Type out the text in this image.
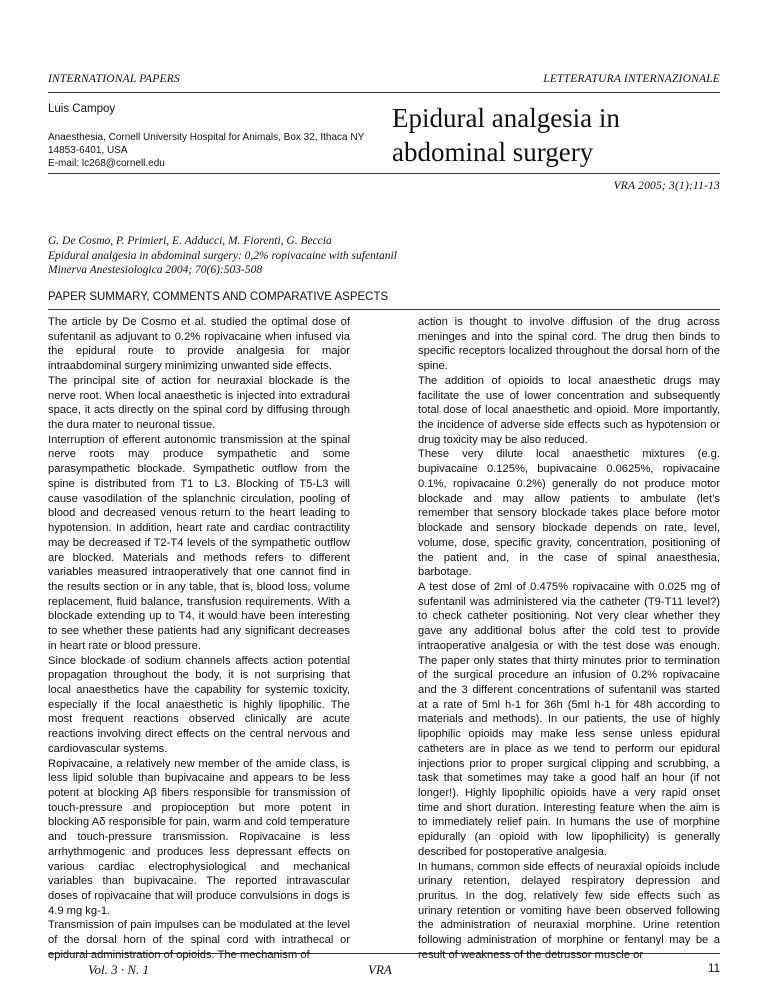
INTERNATIONAL PAPERS	LETTERATURA INTERNAZIONALE
Luis Campoy
Anaesthesia, Cornell University Hospital for Animals, Box 32, Ithaca NY
14853-6401, USA
E-mail: lc268@cornell.edu
Epidural analgesia in
abdominal surgery
VRA 2005; 3(1):11-13
G. De Cosmo, P. Primieri, E. Adducci, M. Fiorenti, G. Beccia
Epidural analgesia in abdominal surgery: 0,2% ropivacaine with sufentanil
Minerva Anestesiologica 2004; 70(6):503-508
PAPER SUMMARY, COMMENTS AND COMPARATIVE ASPECTS

The article by De Cosmo et al. studied the optimal dose of sufentanil as adjuvant to 0.2% ropivacaine when infused via the epidural route to provide analgesia for major intraabdominal surgery minimizing unwanted side effects.

The principal site of action for neuraxial blockade is the nerve root. When local anaesthetic is injected into extradural space, it acts directly on the spinal cord by diffusing through the dura mater to neuronal tissue.

Interruption of efferent autonomic transmission at the spinal nerve roots may produce sympathetic and some parasympathetic blockade. Sympathetic outflow from the spine is distributed from T1 to L3. Blocking of T5-L3 will cause vasodilation of the splanchnic circulation, pooling of blood and decreased venous return to the heart leading to hypotension. In addition, heart rate and cardiac contractility may be decreased if T2-T4 levels of the sympathetic outflow are blocked. Materials and methods refers to different variables measured intraoperatively that one cannot find in the results section or in any table, that is, blood loss, volume replacement, fluid balance, transfusion requirements. With a blockade extending up to T4, it would have been interesting to see whether these patients had any significant decreases in heart rate or blood pressure.

Since blockade of sodium channels affects action potential propagation throughout the body, it is not surprising that local anaesthetics have the capability for systemic toxicity, especially if the local anaesthetic is highly lipophilic. The most frequent reactions observed clinically are acute reactions involving direct effects on the central nervous and cardiovascular systems.

Ropivacaine, a relatively new member of the amide class, is less lipid soluble than bupivacaine and appears to be less potent at blocking Aβ fibers responsible for transmission of touch-pressure and propioception but more potent in blocking Aδ responsible for pain, warm and cold temperature and touch-pressure transmission. Ropivacaine is less arrhythmogenic and produces less depressant effects on various cardiac electrophysiological and mechanical variables than bupivacaine. The reported intravascular doses of ropivacaine that will produce convulsions in dogs is 4.9 mg kg-1.

Transmission of pain impulses can be modulated at the level of the dorsal horn of the spinal cord with intrathecal or epidural administration of opioids. The mechanism of

action is thought to involve diffusion of the drug across meninges and into the spinal cord. The drug then binds to specific receptors localized throughout the dorsal horn of the spine.

The addition of opioids to local anaesthetic drugs may facilitate the use of lower concentration and subsequently total dose of local anaesthetic and opioid. More importantly, the incidence of adverse side effects such as hypotension or drug toxicity may be also reduced.

These very dilute local anaesthetic mixtures (e.g. bupivacaine 0.125%, bupivacaine 0.0625%, ropivacaine 0.1%, ropivacaine 0.2%) generally do not produce motor blockade and may allow patients to ambulate (let’s remember that sensory blockade takes place before motor blockade and sensory blockade depends on rate, level, volume, dose, specific gravity, concentration, positioning of the patient and, in the case of spinal anaesthesia, barbotage.

A test dose of 2ml of 0.475% ropivacaine with 0.025 mg of sufentanil was administered via the catheter (T9-T11 level?) to check catheter positioning. Not very clear whether they gave any additional bolus after the cold test to provide intraoperative analgesia or with the test dose was enough. The paper only states that thirty minutes prior to termination of the surgical procedure an infusion of 0.2% ropivacaine and the 3 different concentrations of sufentanil was started at a rate of 5ml h-1 for 36h (5ml h-1 for 48h according to materials and methods). In our patients, the use of highly lipophilic opioids may make less sense unless epidural catheters are in place as we tend to perform our epidural injections prior to proper surgical clipping and scrubbing, a task that sometimes may take a good half an hour (if not longer!). Highly lipophilic opioids have a very rapid onset time and short duration. Interesting feature when the aim is to immediately relief pain. In humans the use of morphine epidurally (an opioid with low lipophilicity) is generally described for postoperative analgesia.

In humans, common side effects of neuraxial opioids include urinary retention, delayed respiratory depression and pruritus. In the dog, relatively few side effects such as urinary retention or vomiting have been observed following the administration of neuraxial morphine. Urine retention following administration of morphine or fentanyl may be a result of weakness of the detrussor muscle or

Vol. 3 · N. 1	VRA	11
